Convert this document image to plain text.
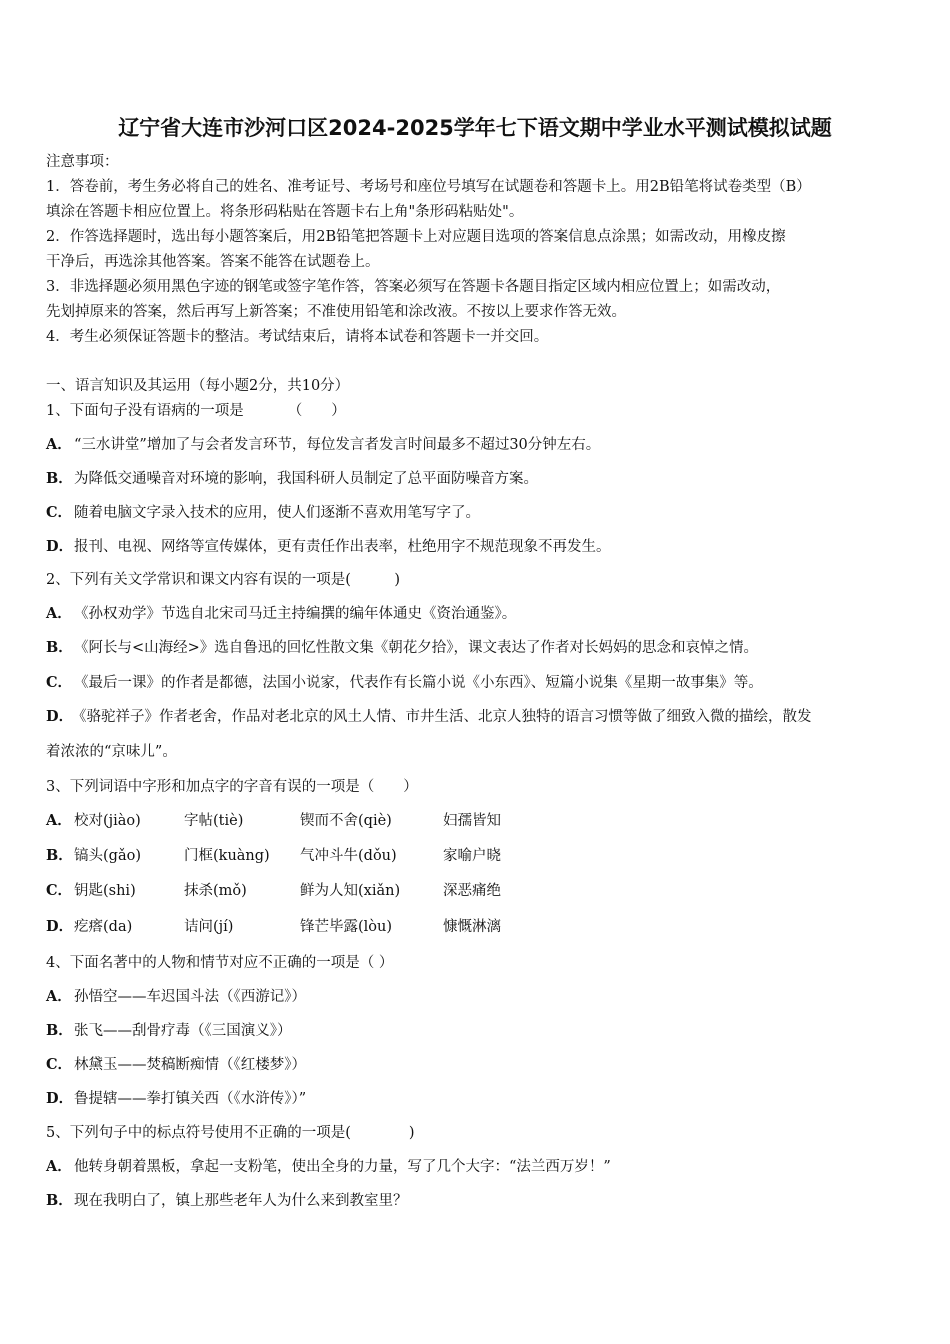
辽宁省大连市沙河口区2024-2025学年七下语文期中学业水平测试模拟试题
注意事项：
1．答卷前，考生务必将自己的姓名、准考证号、考场号和座位号填写在试题卷和答题卡上。用2B铅笔将试卷类型（B）
填涂在答题卡相应位置上。将条形码粘贴在答题卡右上角"条形码粘贴处"。
2．作答选择题时，选出每小题答案后，用2B铅笔把答题卡上对应题目选项的答案信息点涂黑；如需改动，用橡皮擦
干净后，再选涂其他答案。答案不能答在试题卷上。
3．非选择题必须用黑色字迹的钢笔或签字笔作答，答案必须写在答题卡各题目指定区域内相应位置上；如需改动，
先划掉原来的答案，然后再写上新答案；不准使用铅笔和涂改液。不按以上要求作答无效。
4．考生必须保证答题卡的整洁。考试结束后，请将本试卷和答题卡一并交回。
一、语言知识及其运用（每小题2分，共10分）
1、下面句子没有语病的一项是	（　　）
A． “三水讲堂”增加了与会者发言环节，每位发言者发言时间最多不超过30分钟左右。
B．为降低交通噪音对环境的影响，我国科研人员制定了总平面防噪音方案。
C． 随着电脑文字录入技术的应用，使人们逐渐不喜欢用笔写字了。
D．报刊、电视、网络等宣传媒体，更有责任作出表率，杜绝用字不规范现象不再发生。
2、下列有关文学常识和课文内容有误的一项是(　　　)
A． 《孙权劝学》节选自北宋司马迁主持编撰的编年体通史《资治通鉴》。
B．《阿长与<山海经>》选自鲁迅的回忆性散文集《朝花夕拾》，课文表达了作者对长妈妈的思念和哀悼之情。
C． 《最后一课》的作者是都德，法国小说家，代表作有长篇小说《小东西》、短篇小说集《星期一故事集》等。
D．《骆驼祥子》作者老舍，作品对老北京的风土人情、市井生活、北京人独特的语言习惯等做了细致入微的描绘，散发
着浓浓的“京味儿”。
3、下列词语中字形和加点字的字音有误的一项是（　　）
A． 校对(jiào)	字帖(tiè)	锲而不舍(qiè)	妇孺皆知
B． 镐头(gǎo)	门框(kuàng) 气冲斗牛(dǒu)	家喻户晓
C． 钥匙(shi)	抹杀(mǒ)	鲜为人知(xiǎn)	深恶痛绝
D． 疙瘩(da)	诘问(jí)	锋芒毕露(lòu)	慷慨淋漓
4、下面名著中的人物和情节对应不正确的一项是（ ）
A． 孙悟空——车迟国斗法（《西游记》）
B．张飞——刮骨疗毒（《三国演义》）
C． 林黛玉——焚稿断痴情（《红楼梦》）
D．鲁提辖——拳打镇关西（《水浒传》）”
5、下列句子中的标点符号使用不正确的一项是(　　　　)
A． 他转身朝着黑板，拿起一支粉笔，使出全身的力量，写了几个大字：“法兰西万岁！”
B．现在我明白了，镇上那些老年人为什么来到教室里？
